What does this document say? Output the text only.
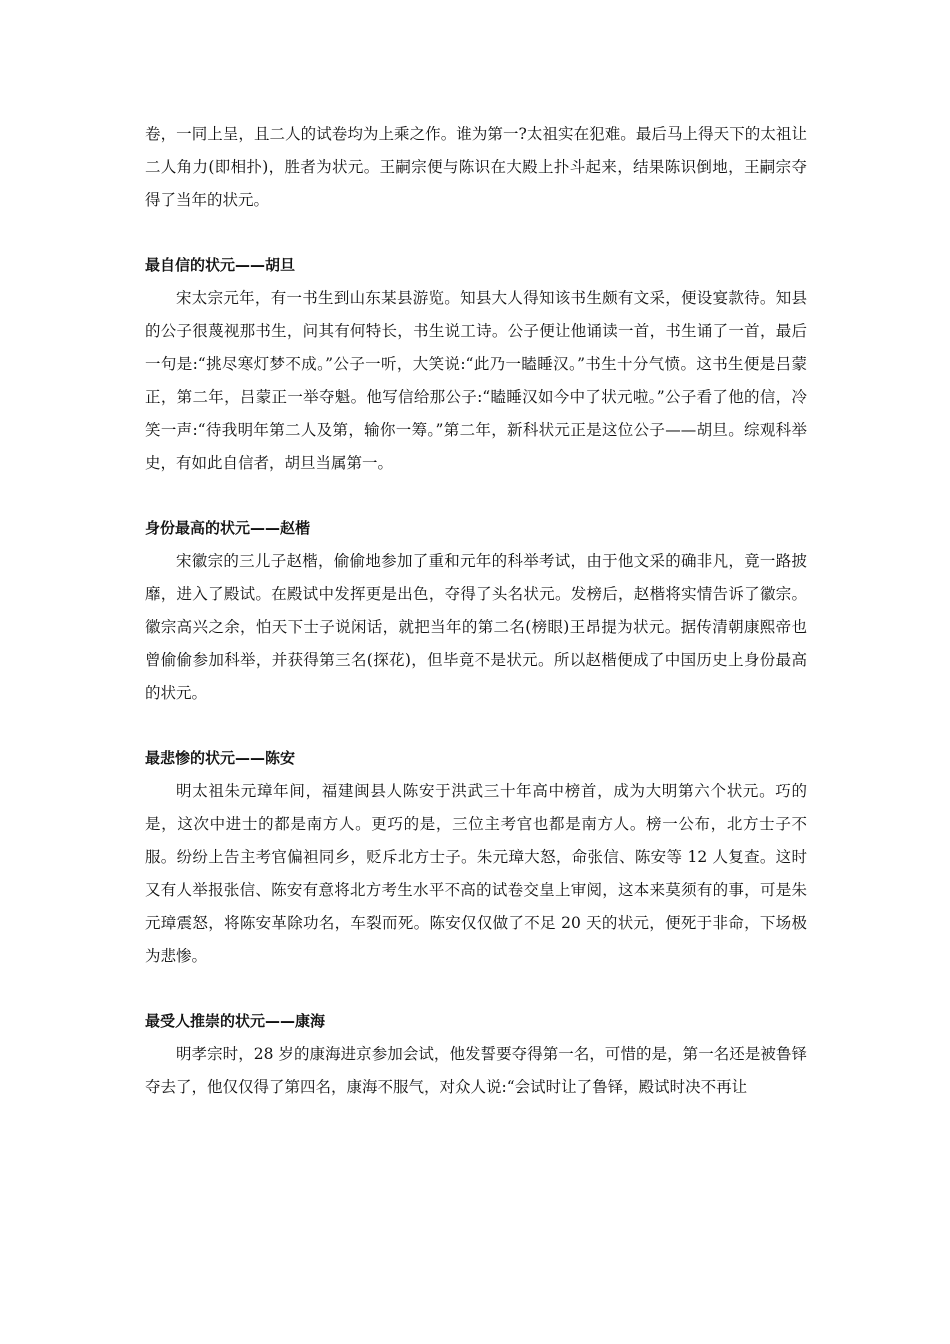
卷，一同上呈，且二人的试卷均为上乘之作。谁为第一?太祖实在犯难。最后马上得天下的太祖让二人角力(即相扑)，胜者为状元。王嗣宗便与陈识在大殿上扑斗起来，结果陈识倒地，王嗣宗夺得了当年的状元。

最自信的状元——胡旦

宋太宗元年，有一书生到山东某县游览。知县大人得知该书生颇有文采，便设宴款待。知县的公子很蔑视那书生，问其有何特长，书生说工诗。公子便让他诵读一首，书生诵了一首，最后一句是:“挑尽寒灯梦不成。”公子一听，大笑说:“此乃一瞌睡汉。”书生十分气愤。这书生便是吕蒙正，第二年，吕蒙正一举夺魁。他写信给那公子:“瞌睡汉如今中了状元啦。”公子看了他的信，冷笑一声:“待我明年第二人及第，输你一筹。”第二年，新科状元正是这位公子——胡旦。综观科举史，有如此自信者，胡旦当属第一。

身份最高的状元——赵楷

宋徽宗的三儿子赵楷，偷偷地参加了重和元年的科举考试，由于他文采的确非凡，竟一路披靡，进入了殿试。在殿试中发挥更是出色，夺得了头名状元。发榜后，赵楷将实情告诉了徽宗。徽宗高兴之余，怕天下士子说闲话，就把当年的第二名(榜眼)王昂提为状元。据传清朝康熙帝也曾偷偷参加科举，并获得第三名(探花)，但毕竟不是状元。所以赵楷便成了中国历史上身份最高的状元。

最悲惨的状元——陈安

明太祖朱元璋年间，福建闽县人陈安于洪武三十年高中榜首，成为大明第六个状元。巧的是，这次中进士的都是南方人。更巧的是，三位主考官也都是南方人。榜一公布，北方士子不服。纷纷上告主考官偏袒同乡，贬斥北方士子。朱元璋大怒，命张信、陈安等 12 人复查。这时又有人举报张信、陈安有意将北方考生水平不高的试卷交皇上审阅，这本来莫须有的事，可是朱元璋震怒，将陈安革除功名，车裂而死。陈安仅仅做了不足 20 天的状元，便死于非命，下场极为悲惨。

最受人推崇的状元——康海

明孝宗时，28 岁的康海进京参加会试，他发誓要夺得第一名，可惜的是，第一名还是被鲁铎夺去了，他仅仅得了第四名，康海不服气，对众人说:“会试时让了鲁铎，殿试时决不再让
